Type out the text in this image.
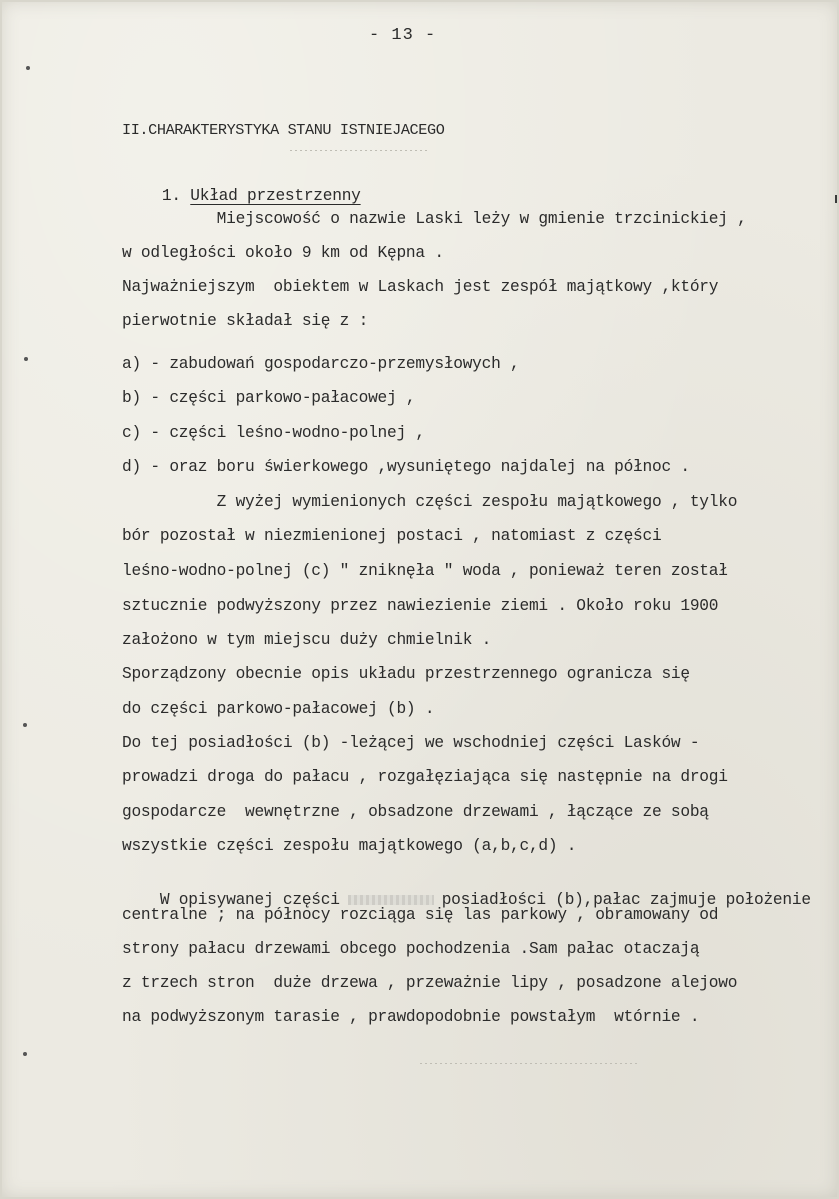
- 13 -
II.CHARAKTERYSTYKA STANU ISTNIEJACEGO

1. Układ przestrzenny

Miejscowość o nazwie Laski leży w gmienie trzcinickiej ,
w odległości około 9 km od Kępna .
Najważniejszym  obiektem w Laskach jest zespół majątkowy ,który
pierwotnie składał się z :
a) - zabudowań gospodarczo-przemysłowych ,
b) - części parkowo-pałacowej ,
c) - części leśno-wodno-polnej ,
d) - oraz boru świerkowego ,wysuniętego najdalej na północ .
Z wyżej wymienionych części zespołu majątkowego , tylko
bór pozostał w niezmienionej postaci , natomiast z części
leśno-wodno-polnej (c) " zniknęła " woda , ponieważ teren został
sztucznie podwyższony przez nawiezienie ziemi . Około roku 1900
założono w tym miejscu duży chmielnik .
Sporządzony obecnie opis układu przestrzennego ogranicza się
do części parkowo-pałacowej (b) .
Do tej posiadłości (b) -leżącej we wschodniej części Lasków -
prowadzi droga do pałacu , rozgałęziająca się następnie na drogi
gospodarcze  wewnętrzne , obsadzone drzewami , łączące ze sobą
wszystkie części zespołu majątkowego (a,b,c,d) .

W opisywanej części	posiadłości (b),pałac zajmuje położenie

centralne ; na północy rozciąga się las parkowy , obramowany od
strony pałacu drzewami obcego pochodzenia .Sam pałac otaczają
z trzech stron  duże drzewa , przeważnie lipy , posadzone alejowo
na podwyższonym tarasie , prawdopodobnie powstałym  wtórnie .
